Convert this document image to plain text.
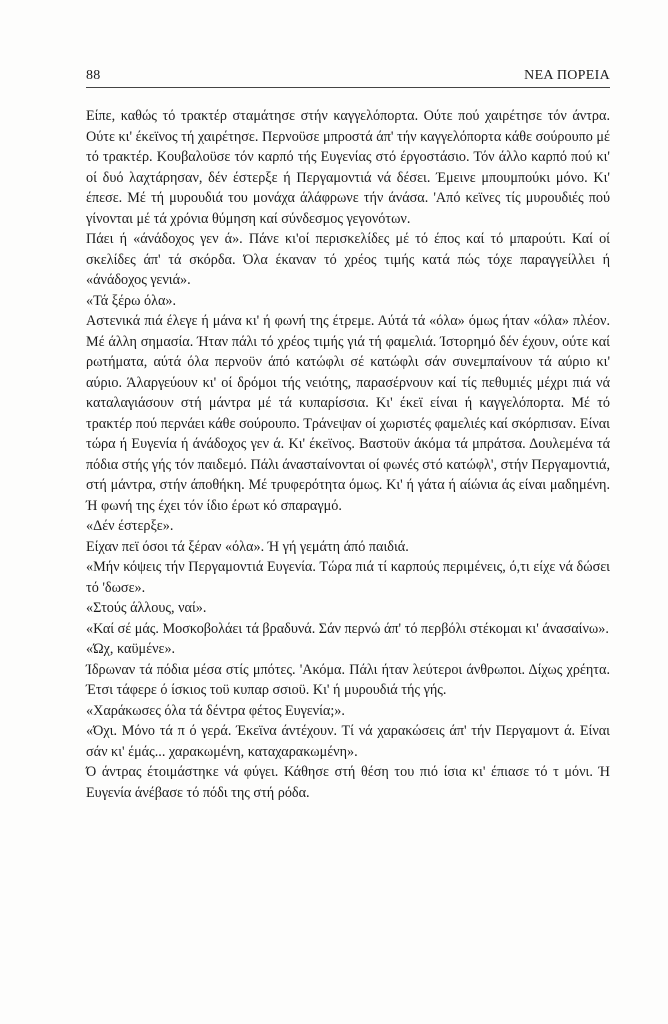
88	ΝΕΑ ΠΟΡΕΙΑ

Είπε, καθώς τό τρακτέρ σταμάτησε στήν καγγελόπορτα. Ούτε πού χαιρέτησε τόν άντρα. Ούτε κι' έκεϊνος τή χαιρέτησε. Περνοϋσε μπροστά άπ' τήν καγγελόπορτα κάθε σούρουπο μέ τό τρακτέρ. Κουβαλοϋσε τόν καρπό τής Ευγενίας στό έργοστάσιο. Τόν άλλο καρπό πού κι' οί δυό λαχτάρησαν, δέν έστερξε ή Περγαμοντιά νά δέσει. Έμεινε μπουμπούκι μόνο. Κι' έπεσε. Μέ τή μυρουδιά του μονάχα άλάφρωνε τήν άνάσα. 'Από κεϊνες τίς μυρουδιές πού γίνονται μέ τά χρόνια θύμηση καί σύνδεσμος γεγονότων.

Πάει ή «άνάδοχος γεν ά». Πάνε κι'οί περισκελίδες μέ τό έπος καί τό μπαρούτι. Καί οί σκελίδες άπ' τά σκόρδα. Όλα έκαναν τό χρέος τιμής κατά πώς τόχε παραγγείλλει ή «άνάδοχος γενιά».

«Τά ξέρω όλα».

Αστενικά πιά έλεγε ή μάνα κι' ή φωνή της έτρεμε. Αύτά τά «όλα» όμως ήταν «όλα» πλέον. Μέ άλλη σημασία. Ήταν πάλι τό χρέος τιμής γιά τή φαμελιά. Ίστορημό δέν έχουν, ούτε καί ρωτήματα, αύτά όλα περνοϋν άπό κατώφλι σέ κατώφλι σάν συνεμπαίνουν τά αύριο κι' αύριο. Άλαργεύουν κι' οί δρόμοι τής νειότης, παρασέρνουν καί τίς πεθυμιές μέχρι πιά νά καταλαγιάσουν στή μάντρα μέ τά κυπαρίσσια. Κι' έκεϊ είναι ή καγγελόπορτα. Μέ τό τρακτέρ πού περνάει κάθε σούρουπο. Τράνεψαν οί χωριστές φαμελιές καί σκόρπισαν. Είναι τώρα ή Ευγενία ή άνάδοχος γεν ά. Κι' έκεϊνος. Βαστοϋν άκόμα τά μπράτσα. Δουλεμένα τά πόδια στής γής τόν παιδεμό. Πάλι άνασταίνονται οί φωνές στό κατώφλ', στήν Περγαμοντιά, στή μάντρα, στήν άποθήκη. Μέ τρυφερότητα όμως. Κι' ή γάτα ή αίώνια άς είναι μαδημένη. Ή φωνή της έχει τόν ίδιο έρωτ κό σπαραγμό.

«Δέν έστερξε».

Είχαν πεϊ όσοι τά ξέραν «όλα». Ή γή γεμάτη άπό παιδιά.

«Μήν κόψεις τήν Περγαμοντιά Ευγενία. Τώρα πιά τί καρπούς περιμένεις, ό,τι είχε νά δώσει τό 'δωσε».

«Στούς άλλους, ναί».

«Καί σέ μάς. Μοσκοβολάει τά βραδυνά. Σάν περνώ άπ' τό περβόλι στέκομαι κι' άνασαίνω».

«Ώχ, καϋμένε».

Ίδρωναν τά πόδια μέσα στίς μπότες. 'Ακόμα. Πάλι ήταν λεύτεροι άνθρωποι. Δίχως χρέητα. Έτσι τάφερε ό ίσκιος τοϋ κυπαρ σσιοϋ. Κι' ή μυρουδιά τής γής.

«Χαράκωσες όλα τά δέντρα φέτος Ευγενία;».

«Όχι. Μόνο τά π ό γερά. Έκεϊνα άντέχουν. Τί νά χαρακώσεις άπ' τήν Περγαμοντ ά. Είναι σάν κι' έμάς... χαρακωμένη, καταχαρακωμένη».

Ό άντρας έτοιμάστηκε νά φύγει. Κάθησε στή θέση του πιό ίσια κι' έπιασε τό τ μόνι. Ή Ευγενία άνέβασε τό πόδι της στή ρόδα.
